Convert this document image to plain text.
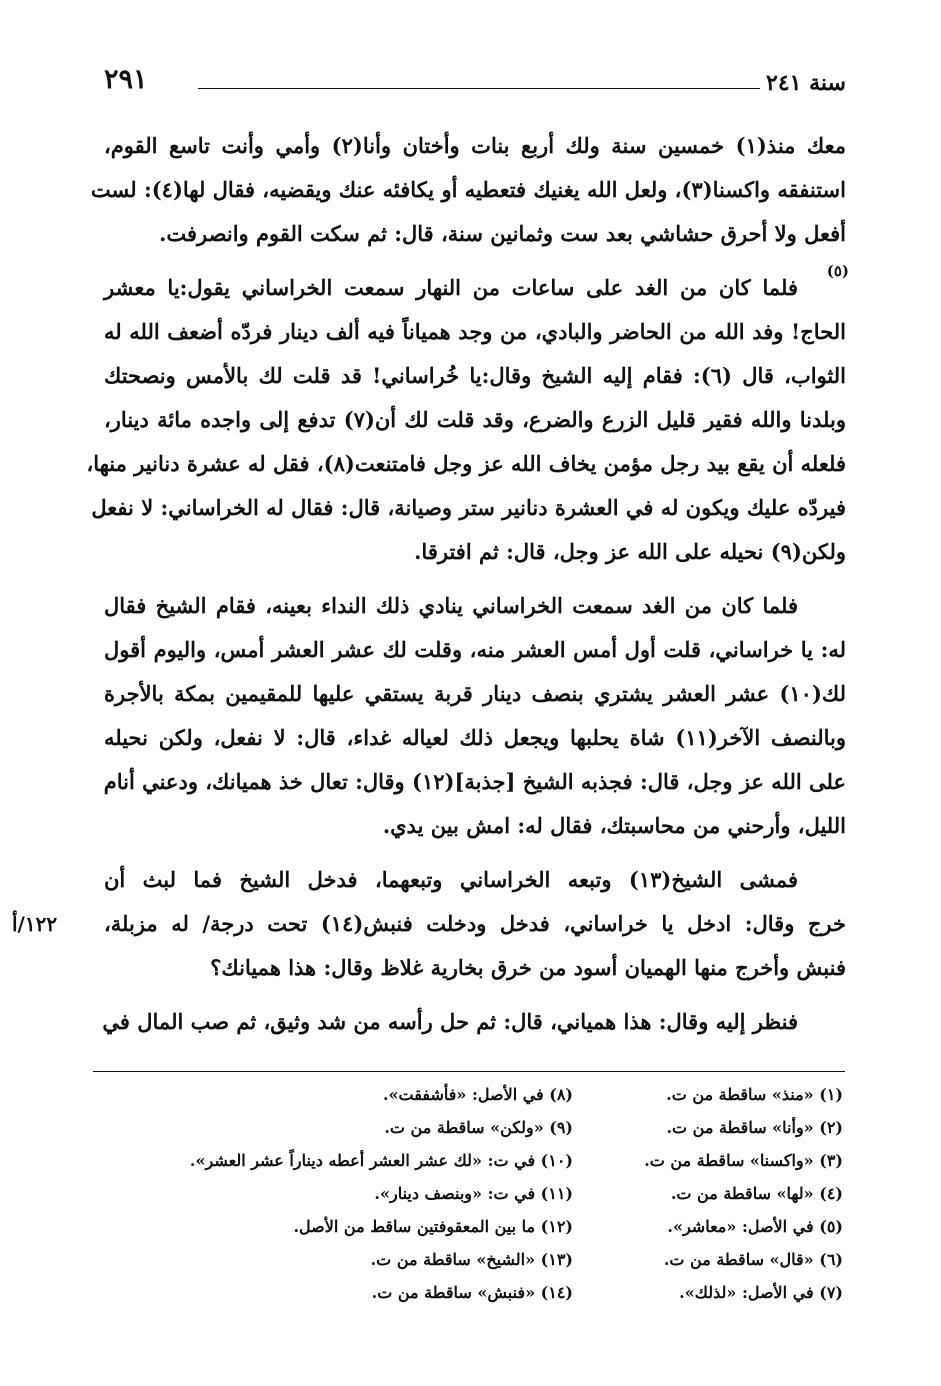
سنة ٢٤١
٢٩١
(٥)
معك منذ(١) خمسين سنة ولك أربع بنات وأختان وأنا(٢) وأمي وأنت تاسع القوم،
استنفقه واكسنا(٣)، ولعل الله يغنيك فتعطيه أو يكافئه عنك ويقضيه، فقال لها(٤): لست
أفعل ولا أحرق حشاشي بعد ست وثمانين سنة، قال: ثم سكت القوم وانصرفت.
فلما كان من الغد على ساعات من النهار سمعت الخراساني يقول:يا معشر
الحاج! وفد الله من الحاضر والبادي، من وجد همياناً فيه ألف دينار فردّه أضعف الله له
الثواب، قال (٦): فقام إليه الشيخ وقال:يا خُراساني! قد قلت لك بالأمس ونصحتك
وبلدنا والله فقير قليل الزرع والضرع، وقد قلت لك أن(٧) تدفع إلى واجده مائة دينار،
فلعله أن يقع بيد رجل مؤمن يخاف الله عز وجل فامتنعت(٨)، فقل له عشرة دنانير منها،
فيردّه عليك ويكون له في العشرة دنانير ستر وصيانة، قال: فقال له الخراساني: لا نفعل
ولكن(٩) نحيله على الله عز وجل، قال: ثم افترقا.
فلما كان من الغد سمعت الخراساني ينادي ذلك النداء بعينه، فقام الشيخ فقال
له: يا خراساني، قلت أول أمس العشر منه، وقلت لك عشر العشر أمس، واليوم أقول
لك(١٠) عشر العشر يشتري بنصف دينار قربة يستقي عليها للمقيمين بمكة بالأجرة
وبالنصف الآخر(١١) شاة يحلبها ويجعل ذلك لعياله غداء، قال: لا نفعل، ولكن نحيله
على الله عز وجل، قال: فجذبه الشيخ [جذبة](١٢) وقال: تعال خذ هميانك، ودعني أنام
الليل، وأرحني من محاسبتك، فقال له: امش بين يدي.
فمشى الشيخ(١٣) وتبعه الخراساني وتبعهما، فدخل الشيخ فما لبث أن
خرج وقال: ادخل يا خراساني، فدخل ودخلت فنبش(١٤) تحت درجة/ له مزبلة،
فنبش وأخرج منها الهميان أسود من خرق بخارية غلاظ وقال: هذا هميانك؟
فنظر إليه وقال: هذا همياني، قال: ثم حل رأسه من شد وثيق، ثم صب المال في
١٢٢/أ
(١) «منذ» ساقطة من ت.
(٢) «وأنا» ساقطة من ت.
(٣) «واكسنا» ساقطة من ت.
(٤) «لها» ساقطة من ت.
(٥) في الأصل: «معاشر».
(٦) «قال» ساقطة من ت.
(٧) في الأصل: «لذلك».
(٨) في الأصل: «فأشفقت».
(٩) «ولكن» ساقطة من ت.
(١٠) في ت: «لك عشر العشر أعطه ديناراً عشر العشر».
(١١) في ت: «وبنصف دينار».
(١٢) ما بين المعقوفتين ساقط من الأصل.
(١٣) «الشيخ» ساقطة من ت.
(١٤) «فنبش» ساقطة من ت.
